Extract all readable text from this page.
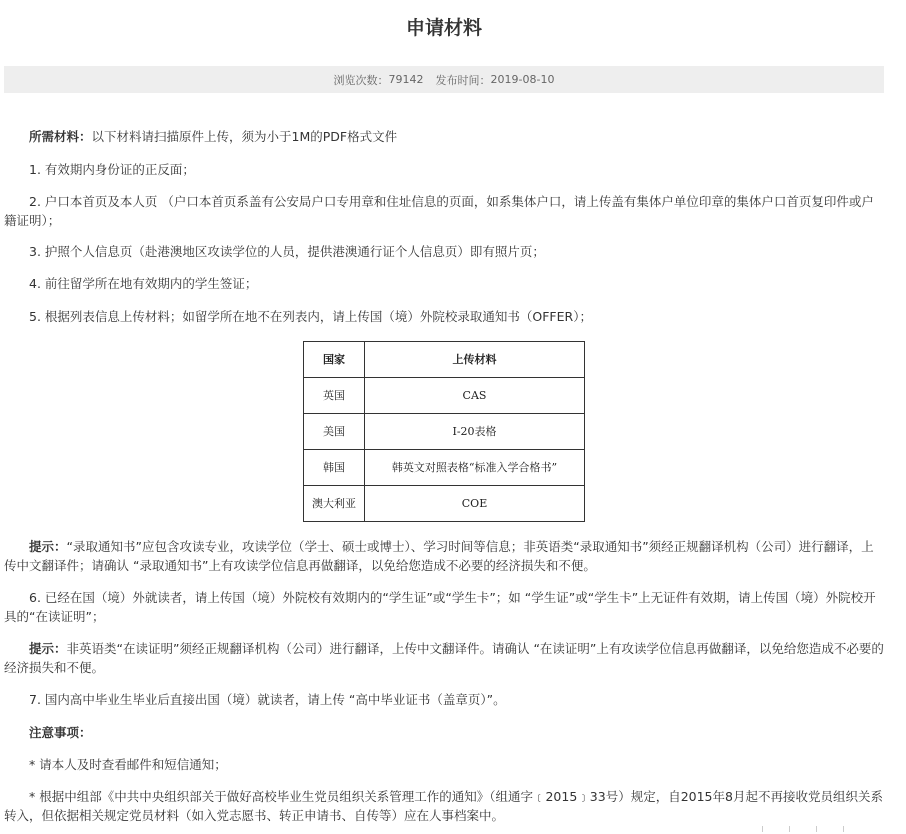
申请材料
浏览次数： 79142 发布时间： 2019-08-10

所需材料：以下材料请扫描原件上传，须为小于1M的PDF格式文件

1. 有效期内身份证的正反面；

2. 户口本首页及本人页 （户口本首页系盖有公安局户口专用章和住址信息的页面，如系集体户口，请上传盖有集体户单位印章的集体户口首页复印件或户籍证明）；

3. 护照个人信息页（赴港澳地区攻读学位的人员，提供港澳通行证个人信息页）即有照片页；

4. 前往留学所在地有效期内的学生签证；

5. 根据列表信息上传材料；如留学所在地不在列表内，请上传国（境）外院校录取通知书（OFFER）；

国家	上传材料
英国	CAS
美国	I-20表格
韩国	韩英文对照表格“标准入学合格书”
澳大利亚	COE

提示：“录取通知书”应包含攻读专业，攻读学位（学士、硕士或博士）、学习时间等信息；非英语类“录取通知书”须经正规翻译机构（公司）进行翻译，上传中文翻译件；请确认 “录取通知书”上有攻读学位信息再做翻译，以免给您造成不必要的经济损失和不便。

6. 已经在国（境）外就读者，请上传国（境）外院校有效期内的“学生证”或“学生卡”；如 “学生证”或“学生卡”上无证件有效期，请上传国（境）外院校开具的“在读证明”；

提示：非英语类“在读证明”须经正规翻译机构（公司）进行翻译，上传中文翻译件。请确认 “在读证明”上有攻读学位信息再做翻译，以免给您造成不必要的经济损失和不便。

7. 国内高中毕业生毕业后直接出国（境）就读者，请上传 “高中毕业证书（盖章页）”。

注意事项：

* 请本人及时查看邮件和短信通知；

* 根据中组部《中共中央组织部关于做好高校毕业生党员组织关系管理工作的通知》（组通字﹝2015﹞33号）规定，自2015年8月起不再接收党员组织关系转入，但依据相关规定党员材料（如入党志愿书、转正申请书、自传等）应在人事档案中。
